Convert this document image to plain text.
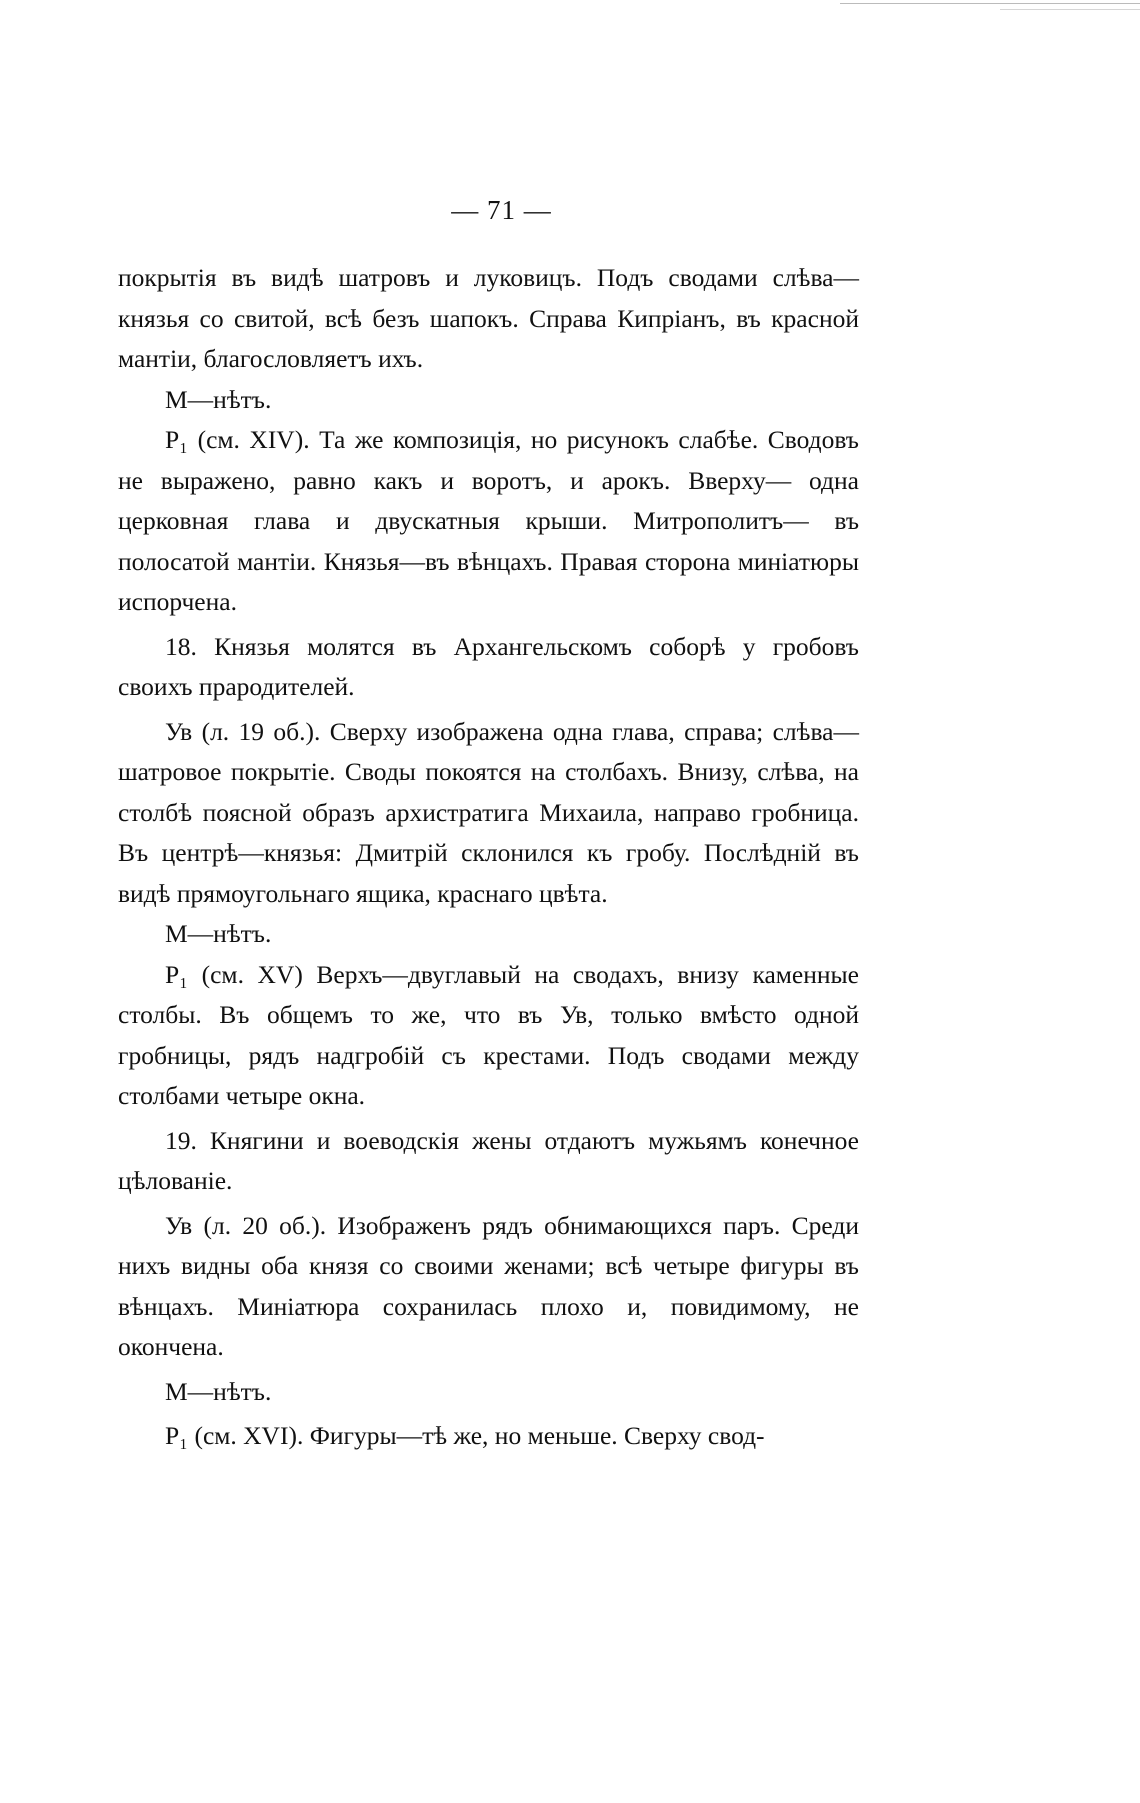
— 71 —

покрытія въ видѣ шатровъ и луковицъ. Подъ сводами слѣва— князья со свитой, всѣ безъ шапокъ. Справа Кипріанъ, въ красной мантіи, благословляетъ ихъ.

М—нѣтъ.

P₁ (см. XIV). Та же композиція, но рисунокъ слабѣе. Сводовъ не выражено, равно какъ и воротъ, и арокъ. Вверху— одна церковная глава и двускатныя крыши. Митрополитъ— въ полосатой мантіи. Князья—въ вѣнцахъ. Правая сторона миніатюры испорчена.

18. Князья молятся въ Архангельскомъ соборѣ у гробовъ своихъ прародителей.

Ув (л. 19 об.). Сверху изображена одна глава, справа; слѣва—шатровое покрытіе. Своды покоятся на столбахъ. Внизу, слѣва, на столбѣ поясной образъ архистратига Михаила, направо гробница. Въ центрѣ—князья: Дмитрій склонился къ гробу. Послѣдній въ видѣ прямоугольнаго ящика, краснаго цвѣта.

М—нѣтъ.

P₁ (см. XV) Верхъ—двуглавый на сводахъ, внизу каменные столбы. Въ общемъ то же, что въ Ув, только вмѣсто одной гробницы, рядъ надгробій съ крестами. Подъ сводами между столбами четыре окна.

19. Княгини и воеводскія жены отдаютъ мужьямъ конечное цѣлованіе.

Ув (л. 20 об.). Изображенъ рядъ обнимающихся паръ. Среди нихъ видны оба князя со своими женами; всѣ четыре фигуры въ вѣнцахъ. Миніатюра сохранилась плохо и, повидимому, не окончена.

М—нѣтъ.

P₁ (см. XVI). Фигуры—тѣ же, но меньше. Сверху свод-
